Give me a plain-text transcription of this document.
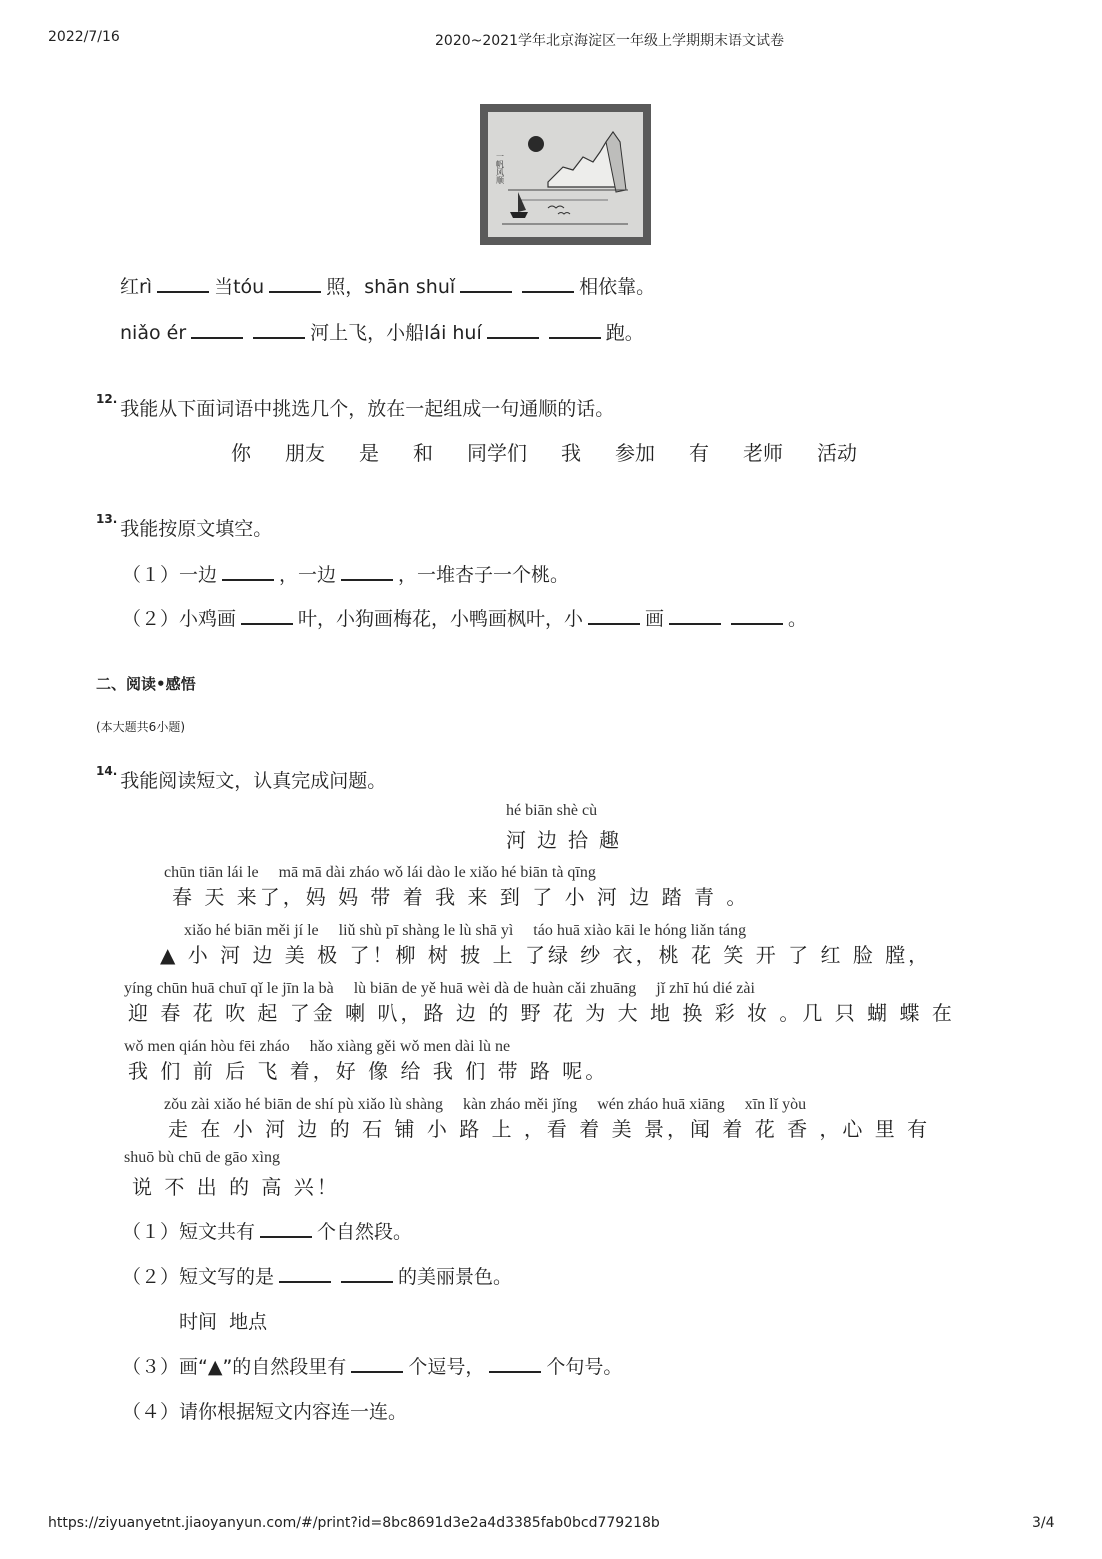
2022/7/16	2020~2021学年北京海淀区一年级上学期期末语文试卷
一帆风顺
红rì	当tóu	照，shān shuǐ	相依靠。
niǎo ér	河上飞，小船lái huí	跑。
$^{12.}$ 我能从下面词语中挑选几个，放在一起组成一句通顺的话。
你 朋友 是 和 同学们 我 参加 有 老师 活动
$^{13.}$ 我能按原文填空。
（１）一边	，一边	，一堆杏子一个桃。
（２）小鸡画	叶，小狗画梅花，小鸭画枫叶，小	画	。
二、阅读•感悟
(本大题共6小题)
$^{14.}$ 我能阅读短文，认真完成问题。
hé biān shè cù
河边拾趣
chūn tiān lái le　 mā mā dài zháo wǒ lái dào le xiǎo hé biān tà qīng
春 天 来了，妈 妈 带 着 我 来 到 了 小 河 边 踏 青 。
xiǎo hé biān měi jí le　 liǔ shù pī shàng le lù shā yì　 táo huā xiào kāi le hóng liǎn táng
▲ 小 河 边 美 极 了！柳 树 披 上 了绿 纱 衣，桃 花 笑 开 了 红 脸 膛，
yíng chūn huā chuī qǐ le jīn la bà　 lù biān de yě huā wèi dà de huàn cǎi zhuāng　 jǐ zhī hú dié zài
迎 春 花 吹 起 了金 喇 叭，路 边 的 野 花 为 大 地 换 彩 妆 。几 只 蝴 蝶 在
wǒ men qián hòu fēi zháo　 hǎo xiàng gěi wǒ men dài lù ne
我 们 前 后 飞 着，好 像 给 我 们 带 路 呢。
zǒu zài xiǎo hé biān de shí pù xiǎo lù shàng　 kàn zháo měi jǐng　 wén zháo huā xiāng　 xīn lǐ yòu
走 在 小 河 边 的 石 铺 小 路 上 ，看 着 美 景，闻 着 花 香 ，心 里 有
shuō bù chū de gāo xìng
说 不 出 的 高 兴！
（１）短文共有	个自然段。
（２）短文写的是	的美丽景色。
时间  地点
（３）画“▲”的自然段里有	个逗号，	个句号。
（４）请你根据短文内容连一连。
https://ziyuanyetnt.jiaoyanyun.com/#/print?id=8bc8691d3e2a4d3385fab0bcd779218b	3/4
